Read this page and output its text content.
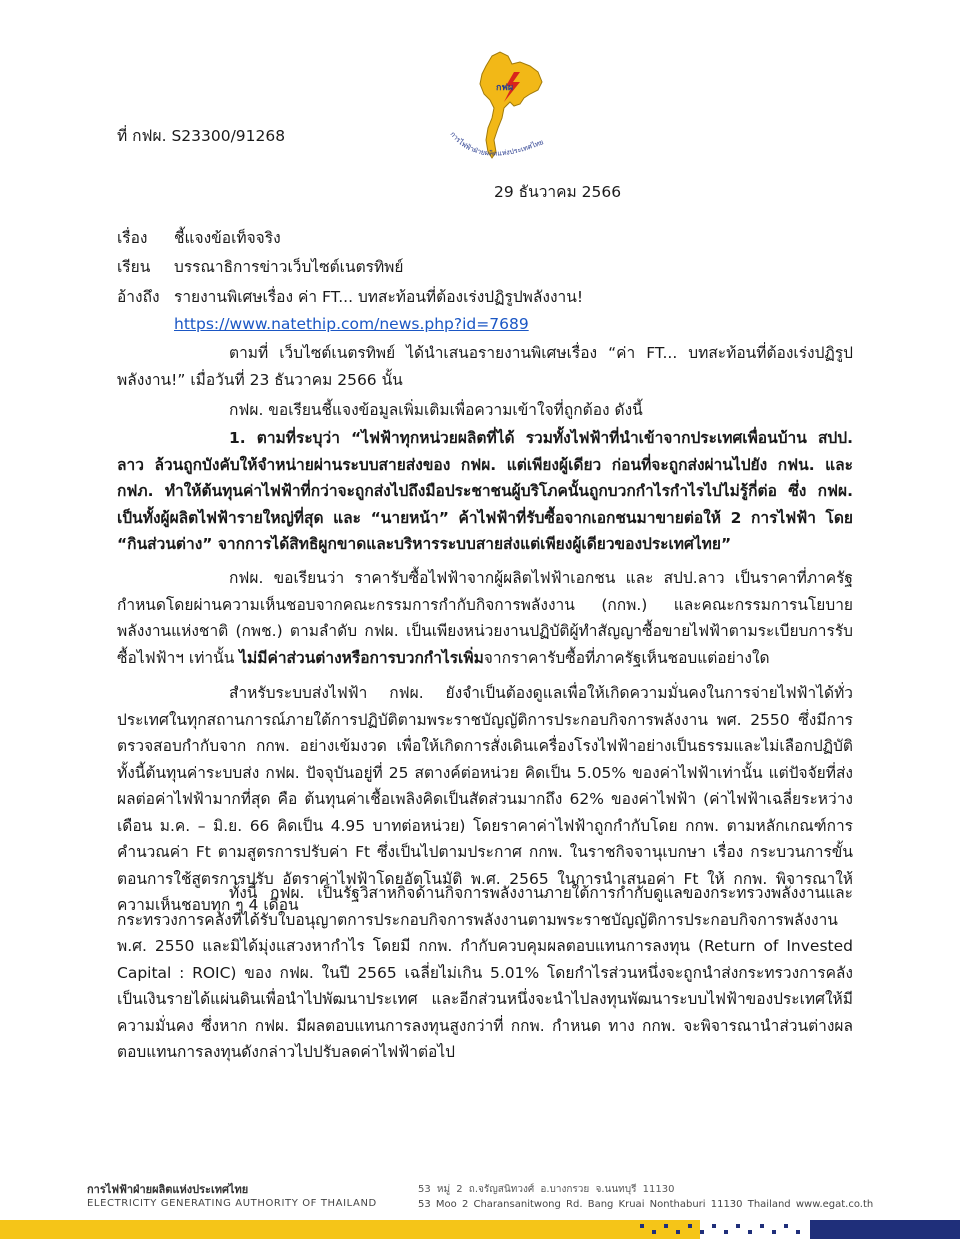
กฟผ
การไฟฟ้าฝ่ายผลิตแห่งประเทศไทย
ที่ กฟผ. S23300/91268
29 ธันวาคม 2566
เรื่อง ชี้แจงข้อเท็จจริง
เรียน บรรณาธิการข่าวเว็บไซต์เนตรทิพย์
อ้างถึง รายงานพิเศษเรื่อง ค่า FT... บทสะท้อนที่ต้องเร่งปฏิรูปพลังงาน!
https://www.natethip.com/news.php?id=7689

ตามที่ เว็บไซต์เนตรทิพย์ ได้นำเสนอรายงานพิเศษเรื่อง “ค่า FT... บทสะท้อนที่ต้องเร่งปฏิรูปพลังงาน!” เมื่อวันที่ 23 ธันวาคม 2566 นั้น

กฟผ. ขอเรียนชี้แจงข้อมูลเพิ่มเติมเพื่อความเข้าใจที่ถูกต้อง ดังนี้

1. ตามที่ระบุว่า “ไฟฟ้าทุกหน่วยผลิตที่ได้ รวมทั้งไฟฟ้าที่นำเข้าจากประเทศเพื่อนบ้าน สปป. ลาว ล้วนถูกบังคับให้จำหน่ายผ่านระบบสายส่งของ กฟผ. แต่เพียงผู้เดียว ก่อนที่จะถูกส่งผ่านไปยัง กฟน. และ กฟภ. ทำให้ต้นทุนค่าไฟฟ้าที่กว่าจะถูกส่งไปถึงมือประชาชนผู้บริโภคนั้นถูกบวกกำไรกำไรไปไม่รู้กี่ต่อ ซึ่ง กฟผ. เป็นทั้งผู้ผลิตไฟฟ้ารายใหญ่ที่สุด และ “นายหน้า” ค้าไฟฟ้าที่รับซื้อจากเอกชนมาขายต่อให้ 2 การไฟฟ้า โดย “กินส่วนต่าง” จากการได้สิทธิผูกขาดและบริหารระบบสายส่งแต่เพียงผู้เดียวของประเทศไทย”

กฟผ. ขอเรียนว่า ราคารับซื้อไฟฟ้าจากผู้ผลิตไฟฟ้าเอกชน และ สปป.ลาว เป็นราคาที่ภาครัฐกำหนดโดยผ่านความเห็นชอบจากคณะกรรมการกำกับกิจการพลังงาน (กกพ.) และคณะกรรมการนโยบายพลังงานแห่งชาติ (กพช.) ตามลำดับ กฟผ. เป็นเพียงหน่วยงานปฏิบัติผู้ทำสัญญาซื้อขายไฟฟ้าตามระเบียบการรับซื้อไฟฟ้าฯ เท่านั้น ไม่มีค่าส่วนต่างหรือการบวกกำไรเพิ่มจากราคารับซื้อที่ภาครัฐเห็นชอบแต่อย่างใด

สำหรับระบบส่งไฟฟ้า กฟผ. ยังจำเป็นต้องดูแลเพื่อให้เกิดความมั่นคงในการจ่ายไฟฟ้าได้ทั่วประเทศในทุกสถานการณ์ภายใต้การปฏิบัติตามพระราชบัญญัติการประกอบกิจการพลังงาน พศ. 2550 ซึ่งมีการตรวจสอบกำกับจาก กกพ. อย่างเข้มงวด เพื่อให้เกิดการสั่งเดินเครื่องโรงไฟฟ้าอย่างเป็นธรรมและไม่เลือกปฏิบัติ ทั้งนี้ต้นทุนค่าระบบส่ง กฟผ. ปัจจุบันอยู่ที่ 25 สตางค์ต่อหน่วย คิดเป็น 5.05% ของค่าไฟฟ้าเท่านั้น แต่ปัจจัยที่ส่งผลต่อค่าไฟฟ้ามากที่สุด คือ ต้นทุนค่าเชื้อเพลิงคิดเป็นสัดส่วนมากถึง 62% ของค่าไฟฟ้า (ค่าไฟฟ้าเฉลี่ยระหว่างเดือน ม.ค. – มิ.ย. 66 คิดเป็น 4.95 บาทต่อหน่วย) โดยราคาค่าไฟฟ้าถูกกำกับโดย กกพ. ตามหลักเกณฑ์การคำนวณค่า Ft ตามสูตรการปรับค่า Ft ซึ่งเป็นไปตามประกาศ กกพ. ในราชกิจจานุเบกษา เรื่อง กระบวนการขั้นตอนการใช้สูตรการปรับ อัตราค่าไฟฟ้าโดยอัตโนมัติ พ.ศ. 2565 ในการนำเสนอค่า Ft ให้ กกพ. พิจารณาให้ความเห็นชอบทุก ๆ 4 เดือน

ทั้งนี้ กฟผ. เป็นรัฐวิสาหกิจด้านกิจการพลังงานภายใต้การกำกับดูแลของกระทรวงพลังงานและกระทรวงการคลังที่ได้รับใบอนุญาตการประกอบกิจการพลังงานตามพระราชบัญญัติการประกอบกิจการพลังงาน พ.ศ. 2550 และมิได้มุ่งแสวงหากำไร โดยมี กกพ. กำกับควบคุมผลตอบแทนการลงทุน (Return of Invested Capital : ROIC) ของ กฟผ. ในปี 2565 เฉลี่ยไม่เกิน 5.01% โดยกำไรส่วนหนึ่งจะถูกนำส่งกระทรวงการคลังเป็นเงินรายได้แผ่นดินเพื่อนำไปพัฒนาประเทศ และอีกส่วนหนึ่งจะนำไปลงทุนพัฒนาระบบไฟฟ้าของประเทศให้มีความมั่นคง ซึ่งหาก กฟผ. มีผลตอบแทนการลงทุนสูงกว่าที่ กกพ. กำหนด ทาง กกพ. จะพิจารณานำส่วนต่างผลตอบแทนการลงทุนดังกล่าวไปปรับลดค่าไฟฟ้าต่อไป

การไฟฟ้าฝ่ายผลิตแห่งประเทศไทย
ELECTRICITY GENERATING AUTHORITY OF THAILAND
53 หมู่ 2 ถ.จรัญสนิทวงศ์ อ.บางกรวย จ.นนทบุรี 11130
53 Moo 2 Charansanitwong Rd. Bang Kruai Nonthaburi 11130 Thailand www.egat.co.th
